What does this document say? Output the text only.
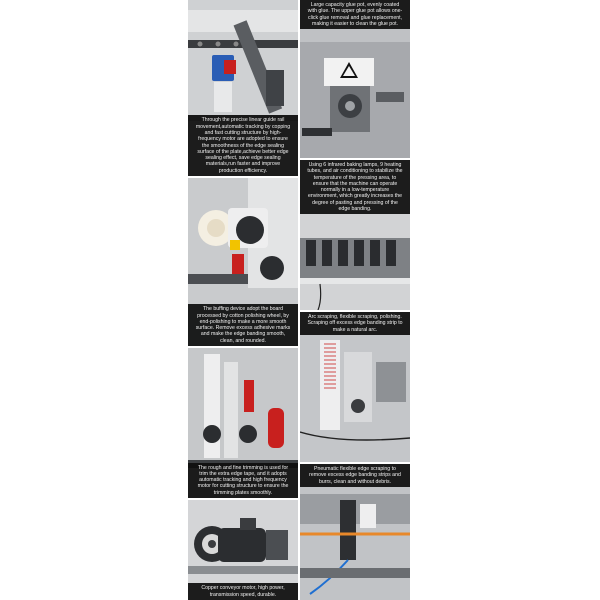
Through the precise linear guide rail movement,automatic tracking by copping and fast cutting structure by high-frequency motor are adopted to ensure the smoothness of the edge sealing surface of the plate,achieve better edge sealing effect, save edge sealing materials,run faster and improve production efficiency.
Large capacity glue pot, evenly coated with glue. The upper glue pot allows one-click glue removal and glue replacement, making it easier to clean the glue pot.
Using 6 infrared baking lamps, 9 heating tubes, and air conditioning to stabilize the temperature of the pressing area, to ensure that the machine can operate normally in a low-temperature environment, which greatly increases the degree of pasting and pressing of the edge banding.
The buffing device adopt the board processed by cotton polishing wheel, by end-polishing to make a more smooth surface. Remove excess adhesive marks and make the edge banding smooth, clean, and rounded.
Arc scraping, flexible scraping, polishing. Scraping off excess edge banding strip to make a natural arc.
The rough and fine trimming is used for trim the extra edge tape, and it adopts automatic tracking and high frequency motor for cutting structure to ensure the trimming plates smoothly.
Pneumatic flexible edge scraping to remove excess edge banding strips and burrs, clean and without debris.
Copper conveyor motor, high power, transmission speed, durable.
